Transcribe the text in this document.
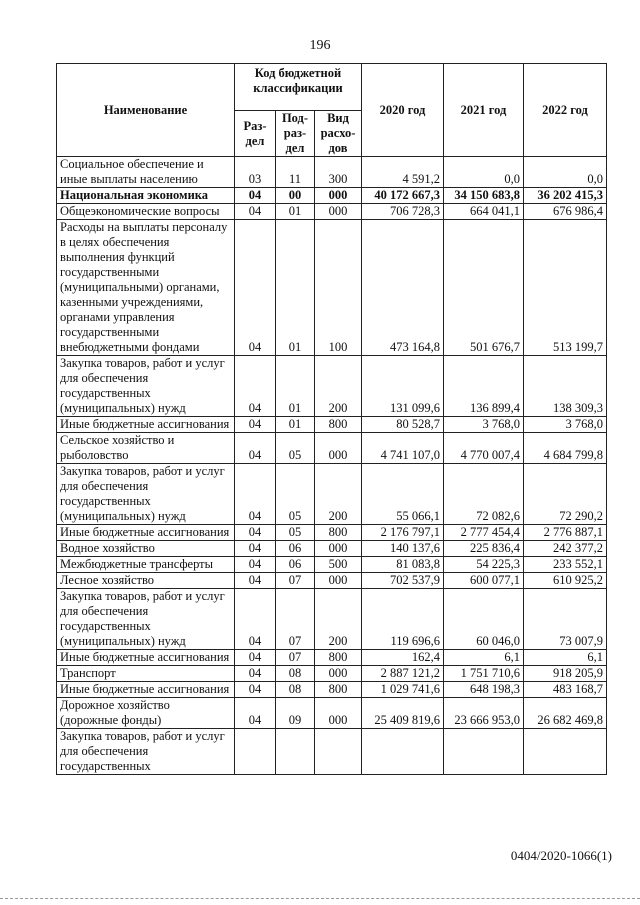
196
Наименование	Код бюджетной классификации			2020 год	2021 год	2022 год
	Раз-дел	Под-раз-дел	Вид расхо-дов			
Социальное обеспечение и иные выплаты населению	03	11	300	4 591,2	0,0	0,0
Национальная экономика	04	00	000	40 172 667,3	34 150 683,8	36 202 415,3
Общеэкономические вопросы	04	01	000	706 728,3	664 041,1	676 986,4
Расходы на выплаты персоналу в целях обеспечения выполнения функций государственными (муниципальными) органами, казенными учреждениями, органами управления государственными внебюджетными фондами	04	01	100	473 164,8	501 676,7	513 199,7
Закупка товаров, работ и услуг для обеспечения государственных (муниципальных) нужд	04	01	200	131 099,6	136 899,4	138 309,3
Иные бюджетные ассигнования	04	01	800	80 528,7	3 768,0	3 768,0
Сельское хозяйство и рыболовство	04	05	000	4 741 107,0	4 770 007,4	4 684 799,8
Закупка товаров, работ и услуг для обеспечения государственных (муниципальных) нужд	04	05	200	55 066,1	72 082,6	72 290,2
Иные бюджетные ассигнования	04	05	800	2 176 797,1	2 777 454,4	2 776 887,1
Водное хозяйство	04	06	000	140 137,6	225 836,4	242 377,2
Межбюджетные трансферты	04	06	500	81 083,8	54 225,3	233 552,1
Лесное хозяйство	04	07	000	702 537,9	600 077,1	610 925,2
Закупка товаров, работ и услуг для обеспечения государственных (муниципальных) нужд	04	07	200	119 696,6	60 046,0	73 007,9
Иные бюджетные ассигнования	04	07	800	162,4	6,1	6,1
Транспорт	04	08	000	2 887 121,2	1 751 710,6	918 205,9
Иные бюджетные ассигнования	04	08	800	1 029 741,6	648 198,3	483 168,7
Дорожное хозяйство (дорожные фонды)	04	09	000	25 409 819,6	23 666 953,0	26 682 469,8
Закупка товаров, работ и услуг для обеспечения государственных						
0404/2020-1066(1)
